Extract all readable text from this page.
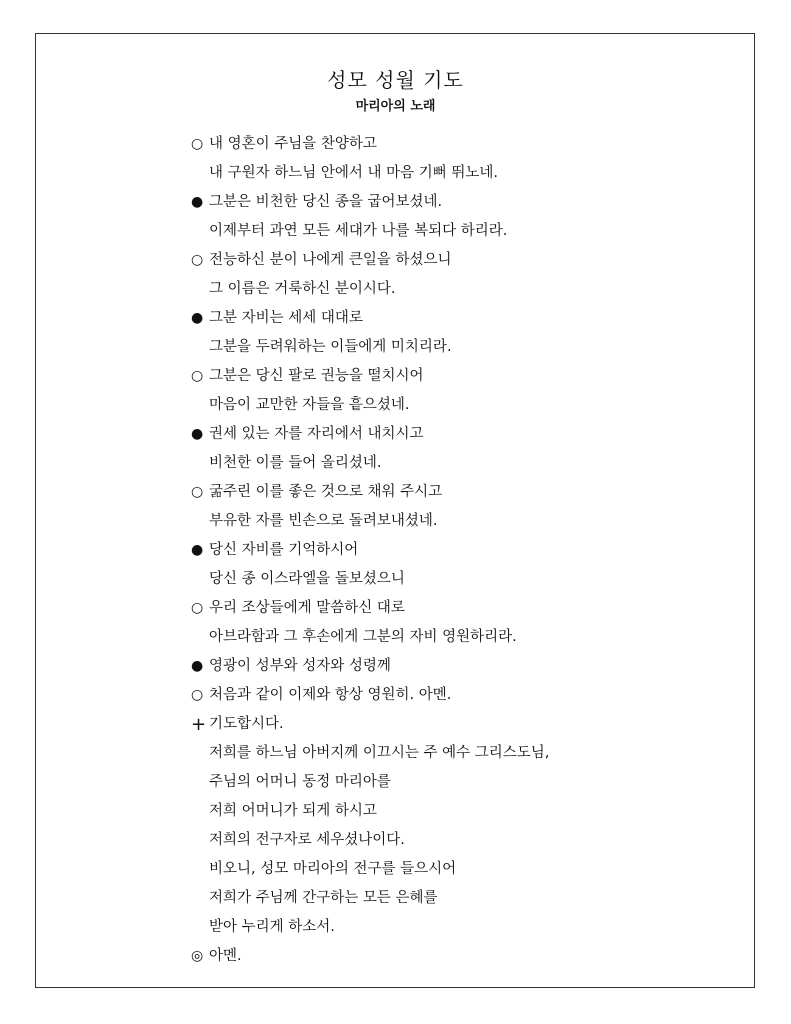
성모 성월 기도
마리아의 노래
○ 내 영혼이 주님을 찬양하고
내 구원자 하느님 안에서 내 마음 기뻐 뛰노네.
● 그분은 비천한 당신 종을 굽어보셨네.
이제부터 과연 모든 세대가 나를 복되다 하리라.
○ 전능하신 분이 나에게 큰일을 하셨으니
그 이름은 거룩하신 분이시다.
● 그분 자비는 세세 대대로
그분을 두려워하는 이들에게 미치리라.
○ 그분은 당신 팔로 권능을 떨치시어
마음이 교만한 자들을 흩으셨네.
● 권세 있는 자를 자리에서 내치시고
비천한 이를 들어 올리셨네.
○ 굶주린 이를 좋은 것으로 채워 주시고
부유한 자를 빈손으로 돌려보내셨네.
● 당신 자비를 기억하시어
당신 종 이스라엘을 돌보셨으니
○ 우리 조상들에게 말씀하신 대로
아브라함과 그 후손에게 그분의 자비 영원하리라.
● 영광이 성부와 성자와 성령께
○ 처음과 같이 이제와 항상 영원히. 아멘.
+ 기도합시다.
저희를 하느님 아버지께 이끄시는 주 예수 그리스도님,
주님의 어머니 동정 마리아를
저희 어머니가 되게 하시고
저희의 전구자로 세우셨나이다.
비오니, 성모 마리아의 전구를 들으시어
저희가 주님께 간구하는 모든 은혜를
받아 누리게 하소서.
◎ 아멘.
